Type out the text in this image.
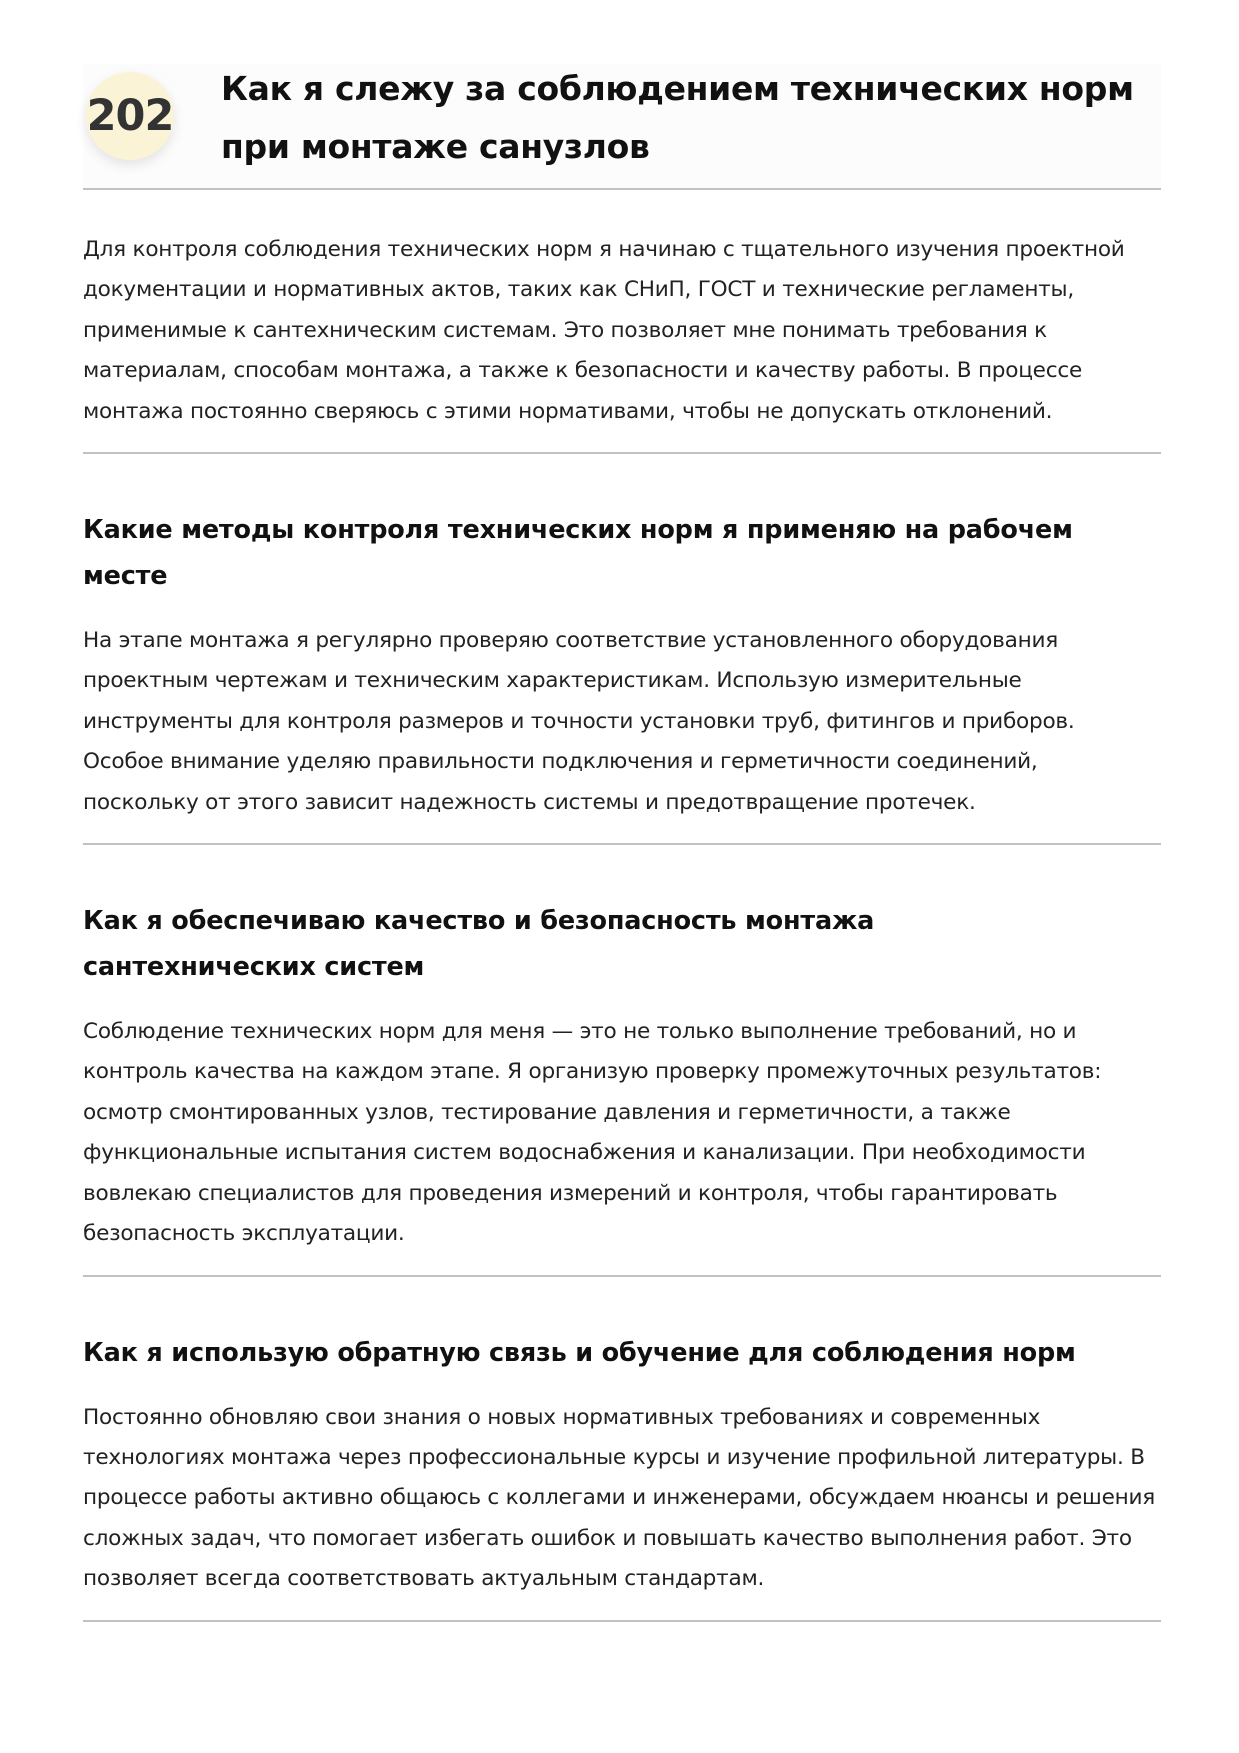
202
Как я слежу за соблюдением технических норм при монтаже санузлов

Для контроля соблюдения технических норм я начинаю с тщательного изучения проектной документации и нормативных актов, таких как СНиП, ГОСТ и технические регламенты, применимые к сантехническим системам. Это позволяет мне понимать требования к материалам, способам монтажа, а также к безопасности и качеству работы. В процессе монтажа постоянно сверяюсь с этими нормативами, чтобы не допускать отклонений.

Какие методы контроля технических норм я применяю на рабочем месте

На этапе монтажа я регулярно проверяю соответствие установленного оборудования проектным чертежам и техническим характеристикам. Использую измерительные инструменты для контроля размеров и точности установки труб, фитингов и приборов. Особое внимание уделяю правильности подключения и герметичности соединений, поскольку от этого зависит надежность системы и предотвращение протечек.

Как я обеспечиваю качество и безопасность монтажа сантехнических систем

Соблюдение технических норм для меня — это не только выполнение требований, но и контроль качества на каждом этапе. Я организую проверку промежуточных результатов: осмотр смонтированных узлов, тестирование давления и герметичности, а также функциональные испытания систем водоснабжения и канализации. При необходимости вовлекаю специалистов для проведения измерений и контроля, чтобы гарантировать безопасность эксплуатации.

Как я использую обратную связь и обучение для соблюдения норм

Постоянно обновляю свои знания о новых нормативных требованиях и современных технологиях монтажа через профессиональные курсы и изучение профильной литературы. В процессе работы активно общаюсь с коллегами и инженерами, обсуждаем нюансы и решения сложных задач, что помогает избегать ошибок и повышать качество выполнения работ. Это позволяет всегда соответствовать актуальным стандартам.
